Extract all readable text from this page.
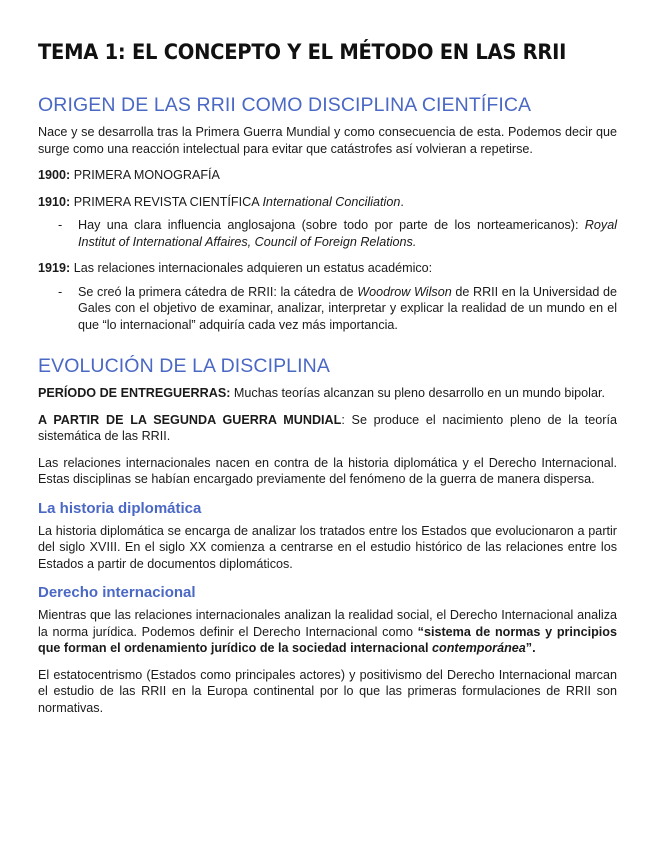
TEMA 1: EL CONCEPTO Y EL MÉTODO EN LAS RRII
ORIGEN DE LAS RRII COMO DISCIPLINA CIENTÍFICA

Nace y se desarrolla tras la Primera Guerra Mundial y como consecuencia de esta. Podemos decir que surge como una reacción intelectual para evitar que catástrofes así volvieran a repetirse.

1900: PRIMERA MONOGRAFÍA

1910: PRIMERA REVISTA CIENTÍFICA International Conciliation.

- Hay una clara influencia anglosajona (sobre todo por parte de los norteamericanos): Royal Institut of International Affaires, Council of Foreign Relations.

1919: Las relaciones internacionales adquieren un estatus académico:

- Se creó la primera cátedra de RRII: la cátedra de Woodrow Wilson de RRII en la Universidad de Gales con el objetivo de examinar, analizar, interpretar y explicar la realidad de un mundo en el que “lo internacional” adquiría cada vez más importancia.
EVOLUCIÓN DE LA DISCIPLINA

PERÍODO DE ENTREGUERRAS: Muchas teorías alcanzan su pleno desarrollo en un mundo bipolar.

A PARTIR DE LA SEGUNDA GUERRA MUNDIAL: Se produce el nacimiento pleno de la teoría sistemática de las RRII.

Las relaciones internacionales nacen en contra de la historia diplomática y el Derecho Internacional. Estas disciplinas se habían encargado previamente del fenómeno de la guerra de manera dispersa.

La historia diplomática

La historia diplomática se encarga de analizar los tratados entre los Estados que evolucionaron a partir del siglo XVIII. En el siglo XX comienza a centrarse en el estudio histórico de las relaciones entre los Estados a partir de documentos diplomáticos.

Derecho internacional

Mientras que las relaciones internacionales analizan la realidad social, el Derecho Internacional analiza la norma jurídica. Podemos definir el Derecho Internacional como “sistema de normas y principios que forman el ordenamiento jurídico de la sociedad internacional contemporánea”.

El estatocentrismo (Estados como principales actores) y positivismo del Derecho Internacional marcan el estudio de las RRII en la Europa continental por lo que las primeras formulaciones de RRII son normativas.
